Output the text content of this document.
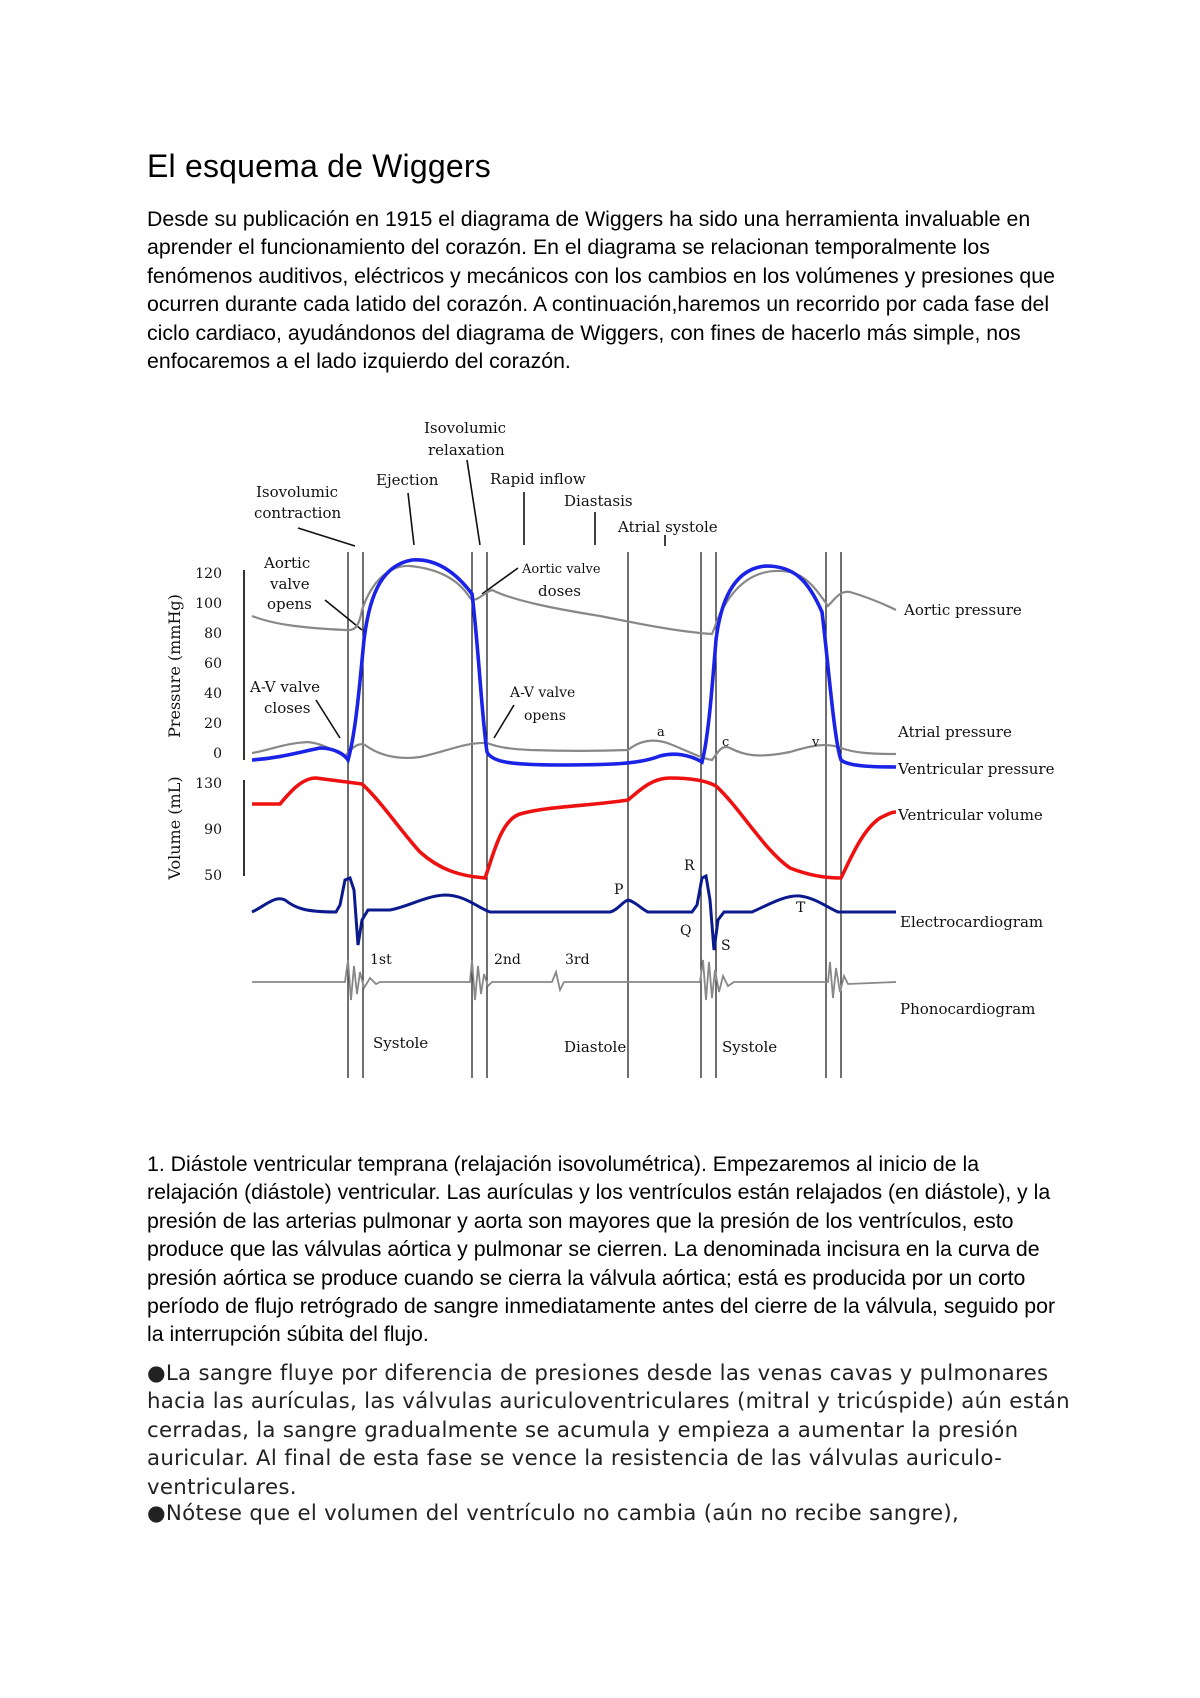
El esquema de Wiggers

Desde su publicación en 1915 el diagrama de Wiggers ha sido una herramienta invaluable en aprender el funcionamiento del corazón. En el diagrama se relacionan temporalmente los fenómenos auditivos, eléctricos y mecánicos con los cambios en los volúmenes y presiones que ocurren durante cada latido del corazón. A continuación,haremos un recorrido por cada fase del ciclo cardiaco, ayudándonos del diagrama de Wiggers, con fines de hacerlo más simple, nos enfocaremos a el lado izquierdo del corazón.

Isovolumic
relaxation
Ejection	Rapid inflow
Isovolumic
contraction
Diastasis
Atrial systole
Aortic
valve
opens
Aortic valve
doses
A-V valve
closes
A-V valve
opens
a
c	v
P
Q
R
S
T
1st	2nd	3rd
120
100
80
60
40
20
0
130
90
50
Pressure (mmHg)
Volume (mL)
Aortic pressure
Atrial pressure
Ventricular pressure
Ventricular volume
Electrocardiogram
Phonocardiogram
Systole	Diastole	Systole

1. Diástole ventricular temprana (relajación isovolumétrica). Empezaremos al inicio de la relajación (diástole) ventricular. Las aurículas y los ventrículos están relajados (en diástole), y la presión de las arterias pulmonar y aorta son mayores que la presión de los ventrículos, esto produce que las válvulas aórtica y pulmonar se cierren. La denominada incisura en la curva de presión aórtica se produce cuando se cierra la válvula aórtica; está es producida por un corto período de flujo retrógrado de sangre inmediatamente antes del cierre de la válvula, seguido por la interrupción súbita del flujo.

●La sangre fluye por diferencia de presiones desde las venas cavas y pulmonares hacia las aurículas, las válvulas auriculoventriculares (mitral y tricúspide) aún están cerradas, la sangre gradualmente se acumula y empieza a aumentar la presión auricular. Al final de esta fase se vence la resistencia de las válvulas auriculo-ventriculares.

●Nótese que el volumen del ventrículo no cambia (aún no recibe sangre),
